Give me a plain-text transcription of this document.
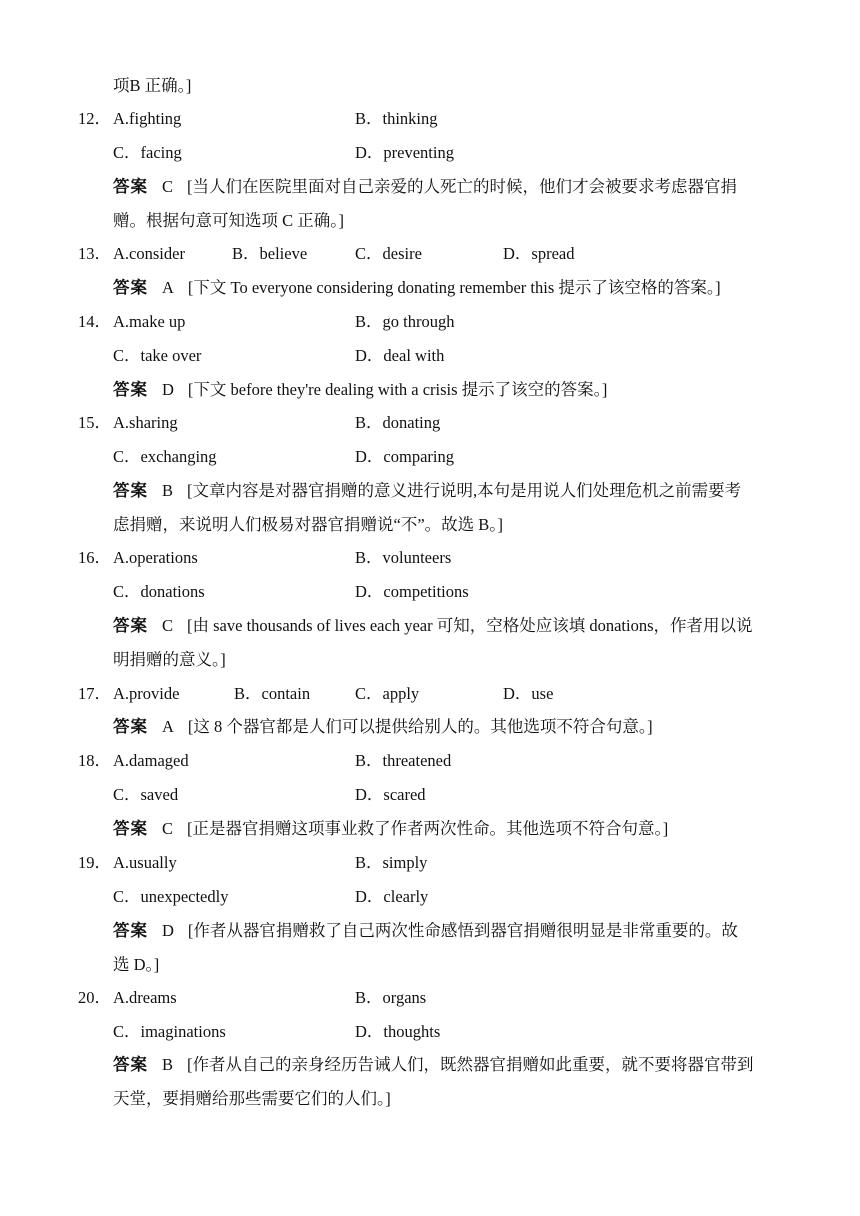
项B 正确。]
12． A.fighting	B．thinking
C．facing	D．preventing
答案 C [当人们在医院里面对自己亲爱的人死亡的时候，他们才会被要求考虑器官捐
赠。根据句意可知选项 C 正确。]
13． A.consider	B．believe	C．desire	D．spread
答案 A [下文 To everyone considering donating remember this 提示了该空格的答案。]
14． A.make up	B．go through
C．take over	D．deal with
答案 D [下文 before they're dealing with a crisis 提示了该空的答案。]
15． A.sharing	B．donating
C．exchanging	D．comparing
答案 B [文章内容是对器官捐赠的意义进行说明,本句是用说人们处理危机之前需要考
虑捐赠，来说明人们极易对器官捐赠说“不”。故选 B。]
16． A.operations	B．volunteers
C．donations	D．competitions
答案 C [由 save thousands of lives each year 可知，空格处应该填 donations，作者用以说
明捐赠的意义。]
17． A.provide	B．contain	C．apply	D．use
答案 A [这 8 个器官都是人们可以提供给别人的。其他选项不符合句意。]
18． A.damaged	B．threatened
C．saved	D．scared
答案 C [正是器官捐赠这项事业救了作者两次性命。其他选项不符合句意。]
19． A.usually	B．simply
C．unexpectedly	D．clearly
答案 D [作者从器官捐赠救了自己两次性命感悟到器官捐赠很明显是非常重要的。故
选 D。]
20． A.dreams	B．organs
C．imaginations	D．thoughts
答案 B [作者从自己的亲身经历告诫人们，既然器官捐赠如此重要，就不要将器官带到
天堂，要捐赠给那些需要它们的人们。]
